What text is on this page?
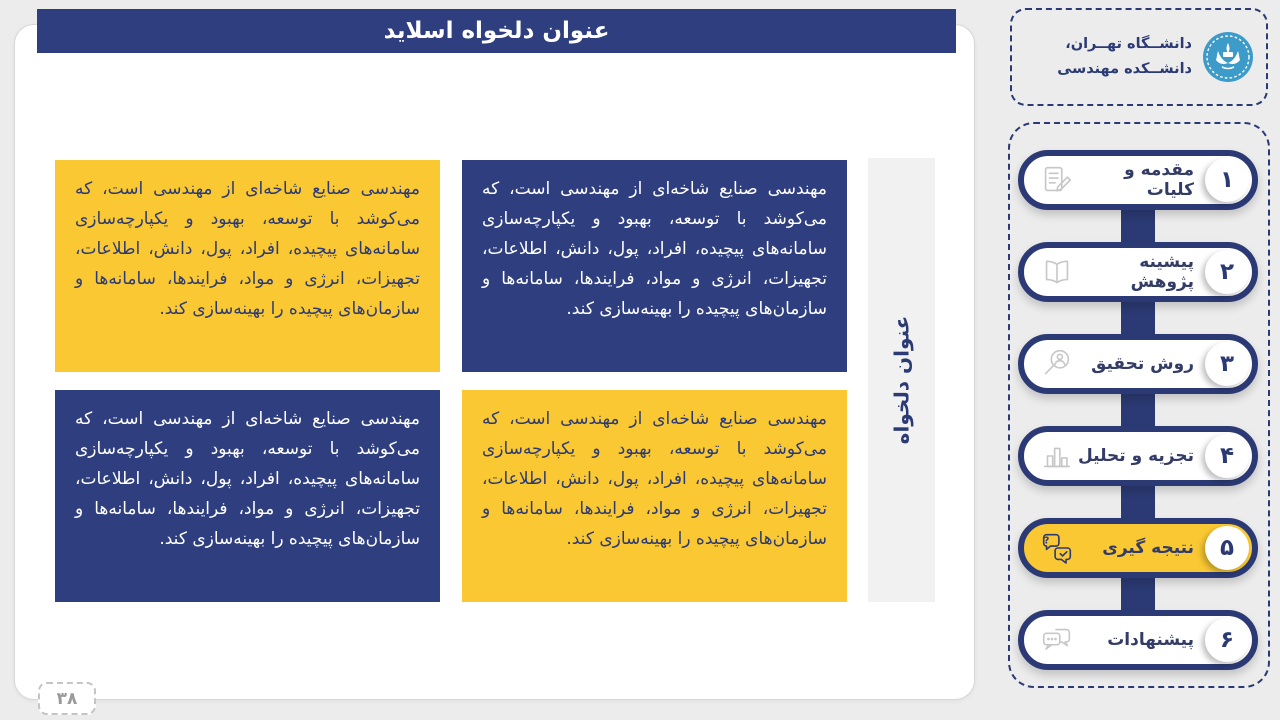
عنوان دلخواه اسلاید
مهندسی صنایع شاخه‌ای از مهندسی است، که می‌کوشد با توسعه، بهبود و یکپارچه‌سازی سامانه‌های پیچیده، افراد، پول، دانش، اطلاعات، تجهیزات، انرژی و مواد، فرایندها، سامانه‌ها و سازمان‌های پیچیده را بهینه‌سازی کند.
مهندسی صنایع شاخه‌ای از مهندسی است، که می‌کوشد با توسعه، بهبود و یکپارچه‌سازی سامانه‌های پیچیده، افراد، پول، دانش، اطلاعات، تجهیزات، انرژی و مواد، فرایندها، سامانه‌ها و سازمان‌های پیچیده را بهینه‌سازی کند.
مهندسی صنایع شاخه‌ای از مهندسی است، که می‌کوشد با توسعه، بهبود و یکپارچه‌سازی سامانه‌های پیچیده، افراد، پول، دانش، اطلاعات، تجهیزات، انرژی و مواد، فرایندها، سامانه‌ها و سازمان‌های پیچیده را بهینه‌سازی کند.
مهندسی صنایع شاخه‌ای از مهندسی است، که می‌کوشد با توسعه، بهبود و یکپارچه‌سازی سامانه‌های پیچیده، افراد، پول، دانش، اطلاعات، تجهیزات، انرژی و مواد، فرایندها، سامانه‌ها و سازمان‌های پیچیده را بهینه‌سازی کند.
عنوان دلخواه
۳۸
دانشــگاه تهــران، دانشــکده مهندسی
۱
مقدمه و کلیات
۲
پیشینه پژوهش
۳
روش تحقیق
۴
تجزیه و تحلیل
۵
نتیجه گیری
?
۶
پیشنهادات
